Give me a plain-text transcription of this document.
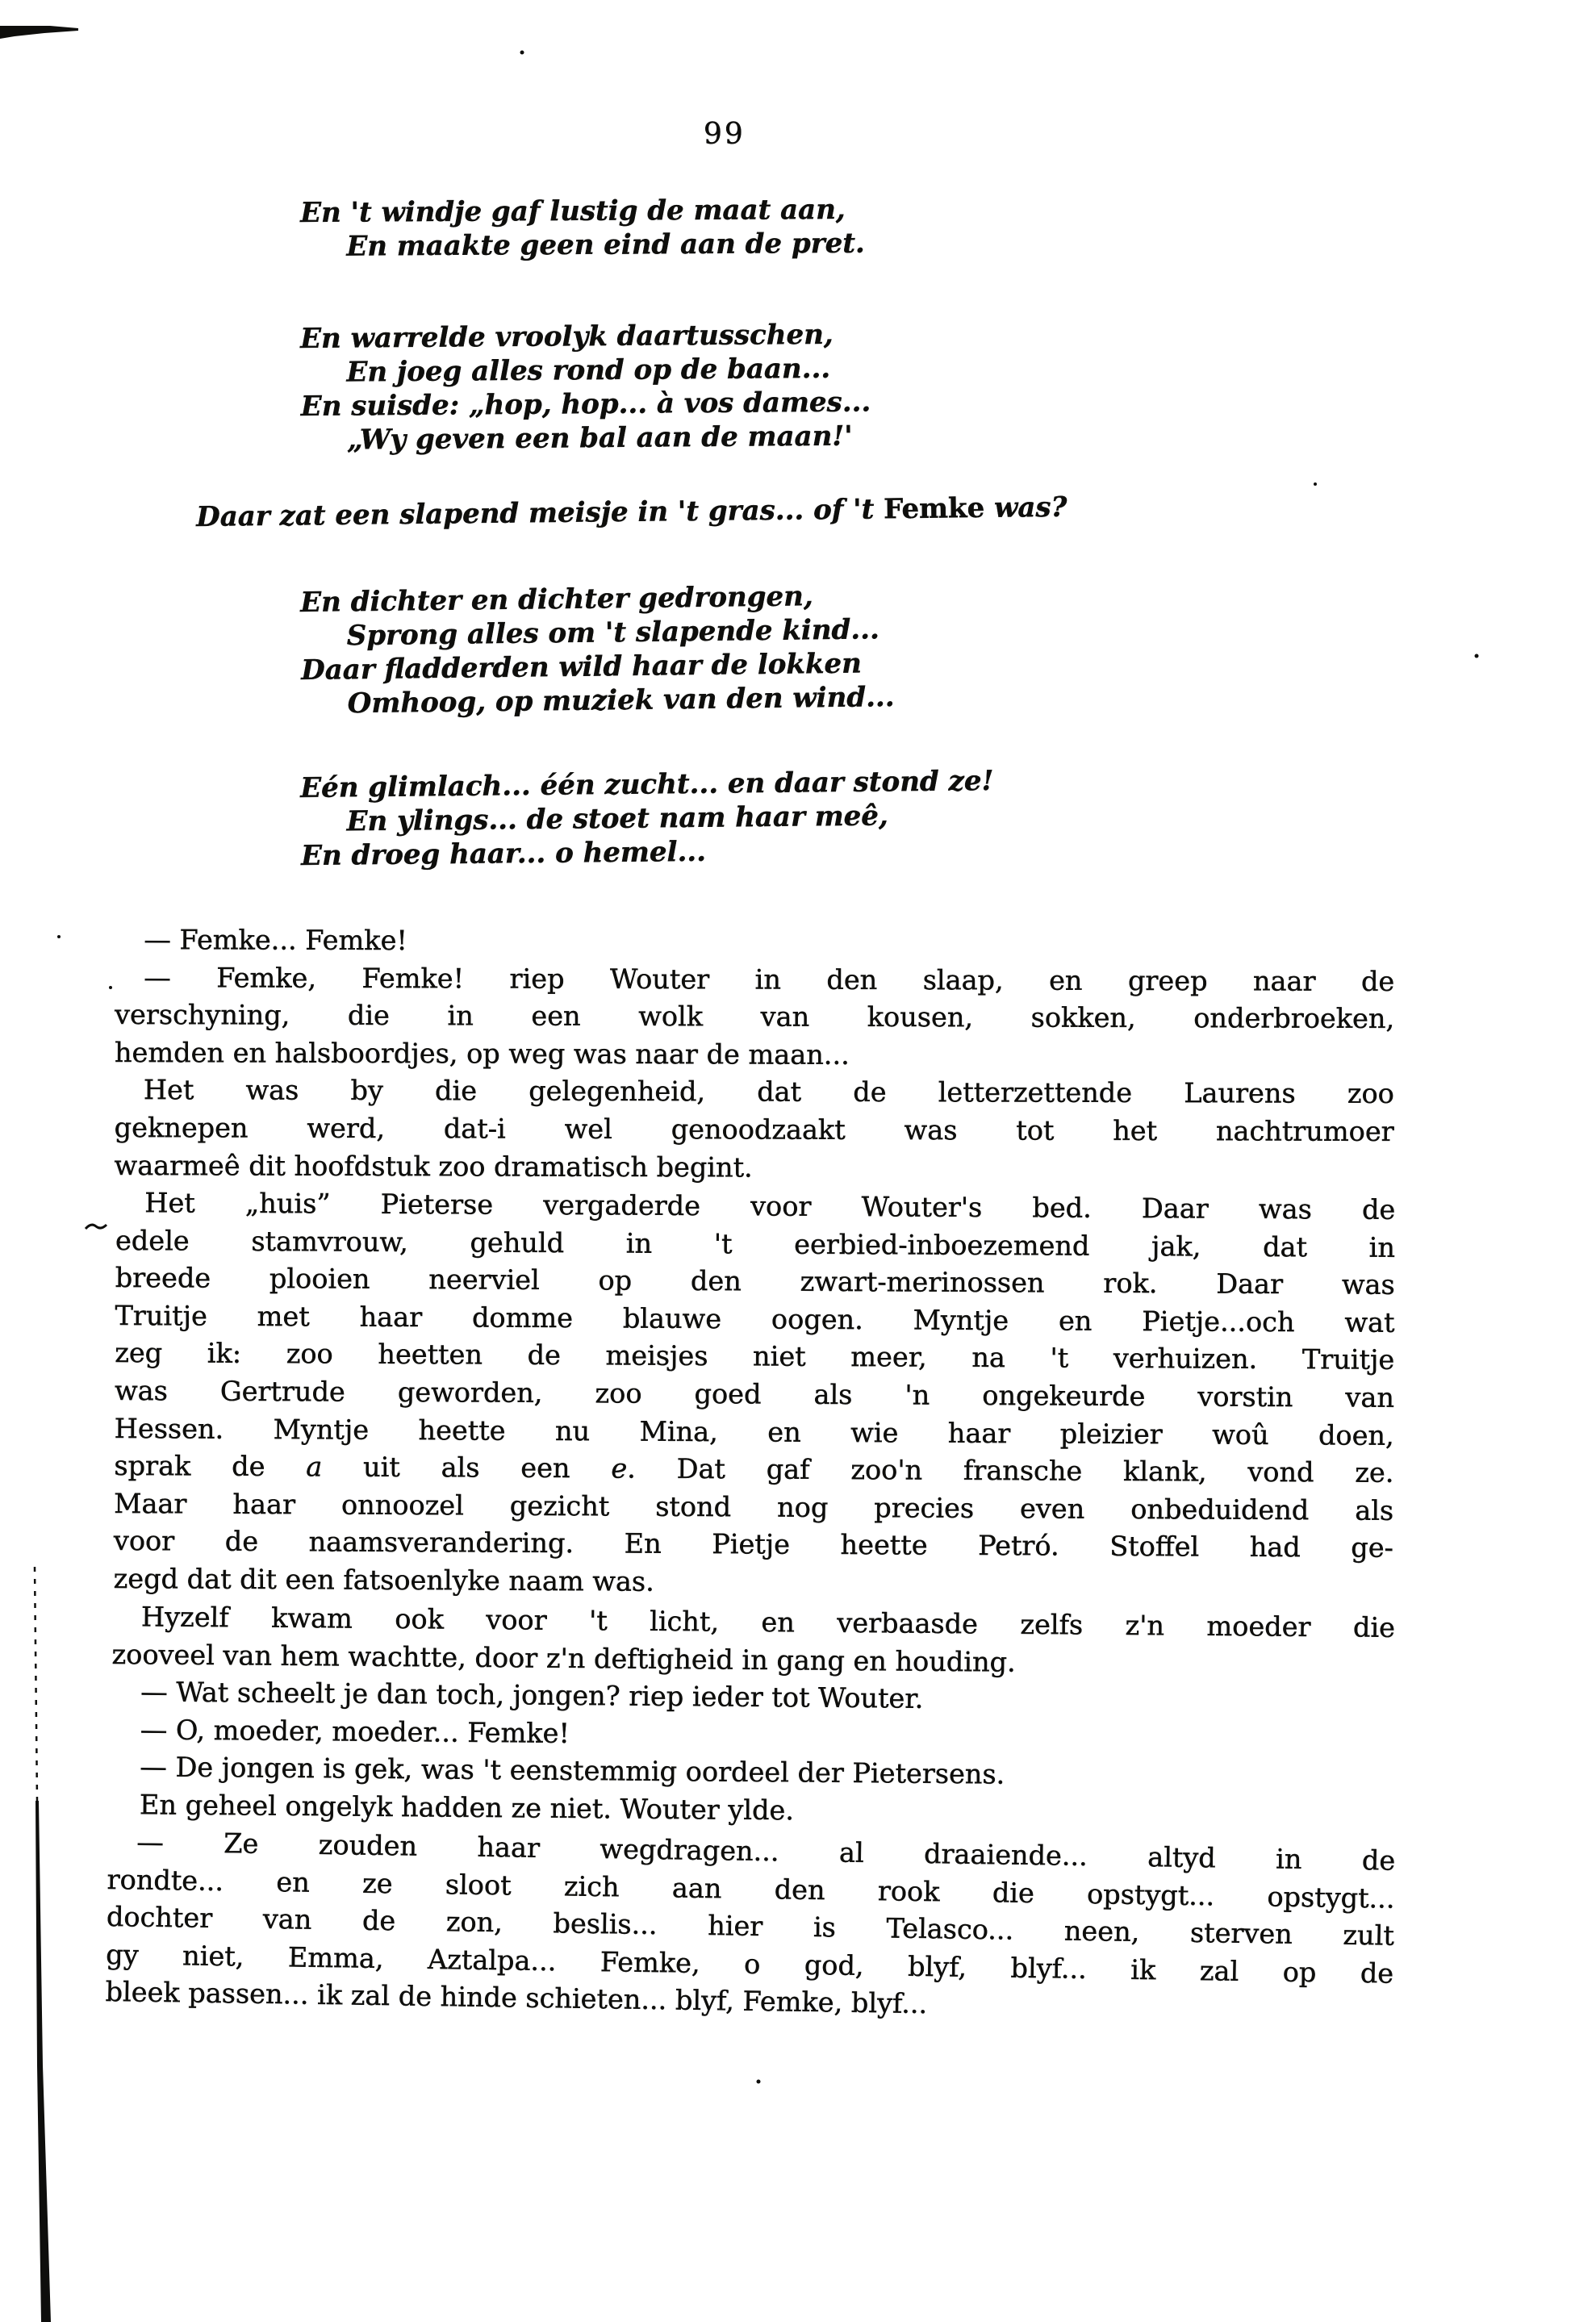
99
En 't windje gaf lustig de maat aan,
En maakte geen eind aan de pret.
En warrelde vroolyk daartusschen,
En joeg alles rond op de baan...
En suisde: „hop, hop... à vos dames...
„Wy geven een bal aan de maan!'
En dichter en dichter gedrongen,
Sprong alles om 't slapende kind...
Daar fladderden wild haar de lokken
Omhoog, op muziek van den wind...
Eén glimlach... één zucht... en daar stond ze!
En ylings... de stoet nam haar meê,
En droeg haar... o hemel...
Daar zat een slapend meisje in 't gras... of 't Femke was?
— Femke... Femke!
— Femke, Femke! riep Wouter in den slaap, en greep naar de
verschyning, die in een wolk van kousen, sokken, onderbroeken,
hemden en halsboordjes, op weg was naar de maan...
Het was by die gelegenheid, dat de letterzettende Laurens zoo
geknepen werd, dat-i wel genoodzaakt was tot het nachtrumoer
waarmeê dit hoofdstuk zoo dramatisch begint.
Het „huis” Pieterse vergaderde voor Wouter's bed. Daar was de
edele stamvrouw, gehuld in 't eerbied-inboezemend jak, dat in
breede plooien neerviel op den zwart-merinossen rok. Daar was
Truitje met haar domme blauwe oogen. Myntje en Pietje...och wat
zeg ik: zoo heetten de meisjes niet meer, na 't verhuizen. Truitje
was Gertrude geworden, zoo goed als 'n ongekeurde vorstin van
Hessen. Myntje heette nu Mina, en wie haar pleizier woû doen,
sprak de a uit als een e. Dat gaf zoo'n fransche klank, vond ze.
Maar haar onnoozel gezicht stond nog precies even onbeduidend als
voor de naamsverandering. En Pietje heette Petró. Stoffel had ge-
zegd dat dit een fatsoenlyke naam was.
Hyzelf kwam ook voor 't licht, en verbaasde zelfs z'n moeder die
zooveel van hem wachtte, door z'n deftigheid in gang en houding.
— Wat scheelt je dan toch, jongen? riep ieder tot Wouter.
— O, moeder, moeder... Femke!
— De jongen is gek, was 't eenstemmig oordeel der Pietersens.
En geheel ongelyk hadden ze niet. Wouter ylde.
— Ze zouden haar wegdragen... al draaiende... altyd in de
rondte... en ze sloot zich aan den rook die opstygt... opstygt...
dochter van de zon, beslis... hier is Telasco... neen, sterven zult
gy niet, Emma, Aztalpa... Femke, o god, blyf, blyf... ik zal op de
bleek passen... ik zal de hinde schieten... blyf, Femke, blyf...
